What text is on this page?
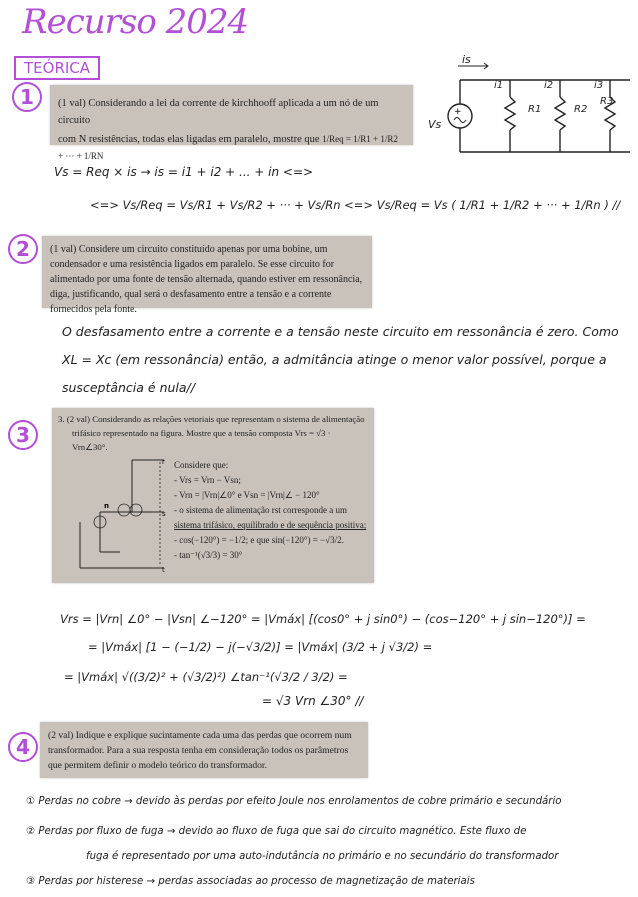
Recurso 2024
TEÓRICA
1	(1 val) Considerando a lei da corrente de kirchhooff aplicada a um nó de um circuito

com N resistências, todas elas ligadas em paralelo, mostre que 1/Req = 1/R1 + 1/R2 + ··· + 1/RN

+
is
i1	i2	i3
R1	R2
R3
Vs
Vs = Req × is → is = i1 + i2 + ... + in <=>
<=> Vs/Req = Vs/R1 + Vs/R2 + ··· + Vs/Rn <=> Vs/Req = Vs ( 1/R1 + 1/R2 + ··· + 1/Rn ) //
2	(1 val) Considere um circuito constituído apenas por uma bobine, um condensador e uma resistência ligados em paralelo. Se esse circuito for alimentado por uma fonte de tensão alternada, quando estiver em ressonância, diga, justificando, qual será o desfasamento entre a tensão e a corrente fornecidos pela fonte.

O desfasamento entre a corrente e a tensão neste circuito em ressonância é zero. Como
XL = Xc (em ressonância) então, a admitância atinge o menor valor possível, porque a
susceptância é nula//
3

3. (2 val) Considerando as relações vetoriais que representam o sistema de alimentação

trifásico representado na figura. Mostre que a tensão composta Vrs = √3 · Vrn∠30°.

r
s
t
n
Considere que:
- Vrs = Vrn − Vsn;
- Vrn = |Vrn|∠0° e Vsn = |Vrn|∠ − 120°
- o sistema de alimentação rst corresponde a um
sistema trifásico, equilibrado e de sequência positiva;
- cos(−120°) = −1/2; e que sin(−120°) = −√3/2.
- tan⁻¹(√3/3) = 30°
Vrs = |Vrn| ∠0° − |Vsn| ∠−120° = |Vmáx| [(cos0° + j sin0°) − (cos−120° + j sin−120°)] =
= |Vmáx| [1 − (−1/2) − j(−√3/2)] = |Vmáx| (3/2 + j √3/2) =
= |Vmáx| √((3/2)² + (√3/2)²) ∠tan⁻¹(√3/2 / 3/2) =
= √3 Vrn ∠30° //
4	(2 val) Indique e explique sucintamente cada uma das perdas que ocorrem num transformador. Para a sua resposta tenha em consideração todos os parâmetros que permitem definir o modelo teórico do transformador.

① Perdas no cobre → devido às perdas por efeito Joule nos enrolamentos de cobre primário e secundário
② Perdas por fluxo de fuga → devido ao fluxo de fuga que sai do circuito magnético. Este fluxo de
fuga é representado por uma auto-indutância no primário e no secundário do transformador
③ Perdas por histerese → perdas associadas ao processo de magnetização de materiais
